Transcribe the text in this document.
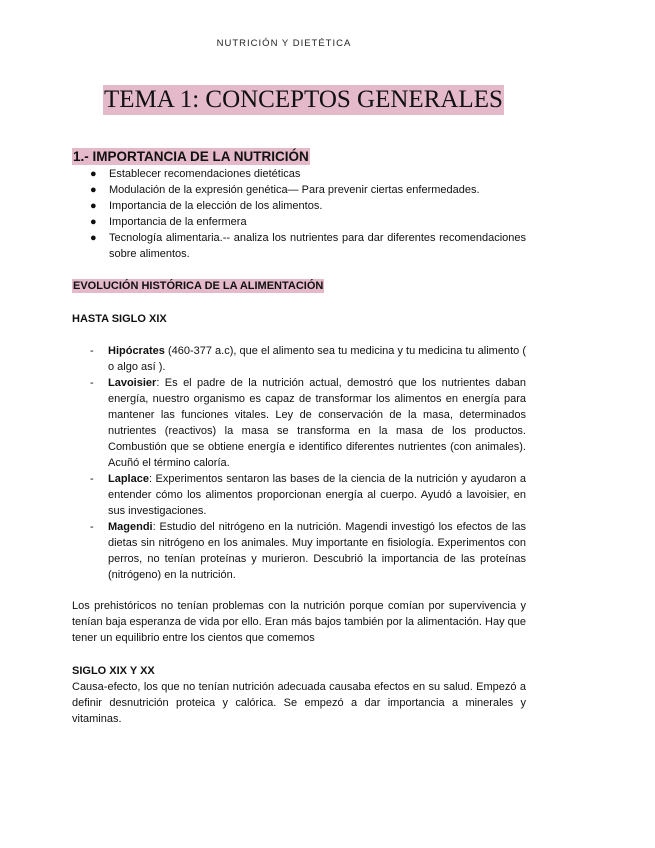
NUTRICIÓN Y DIETÉTICA
TEMA 1: CONCEPTOS GENERALES
1.- IMPORTANCIA DE LA NUTRICIÓN
● Establecer recomendaciones dietéticas
● Modulación de la expresión genética— Para prevenir ciertas enfermedades.
● Importancia de la elección de los alimentos.
● Importancia de la enfermera
● Tecnología alimentaria.-- analiza los nutrientes para dar diferentes recomendaciones sobre alimentos.
EVOLUCIÓN HISTÓRICA DE LA ALIMENTACIÓN
HASTA SIGLO XIX
- Hipócrates (460-377 a.c), que el alimento sea tu medicina y tu medicina tu alimento ( o algo así ).
- Lavoisier: Es el padre de la nutrición actual, demostró que los nutrientes daban energía, nuestro organismo es capaz de transformar los alimentos en energía para mantener las funciones vitales. Ley de conservación de la masa, determinados nutrientes (reactivos) la masa se transforma en la masa de los productos. Combustión que se obtiene energía e identifico diferentes nutrientes (con animales). Acuñó el término caloría.
- Laplace: Experimentos sentaron las bases de la ciencia de la nutrición y ayudaron a entender cómo los alimentos proporcionan energía al cuerpo. Ayudó a lavoisier, en sus investigaciones.
- Magendi: Estudio del nitrógeno en la nutrición. Magendi investigó los efectos de las dietas sin nitrógeno en los animales. Muy importante en fisiología. Experimentos con perros, no tenían proteínas y murieron. Descubrió la importancia de las proteínas (nitrógeno) en la nutrición.

Los prehistóricos no tenían problemas con la nutrición porque comían por supervivencia y tenían baja esperanza de vida por ello. Eran más bajos también por la alimentación. Hay que tener un equilibrio entre los cientos que comemos

SIGLO XIX Y XX

Causa-efecto, los que no tenían nutrición adecuada causaba efectos en su salud. Empezó a definir desnutrición proteica y calórica. Se empezó a dar importancia a minerales y vitaminas.
